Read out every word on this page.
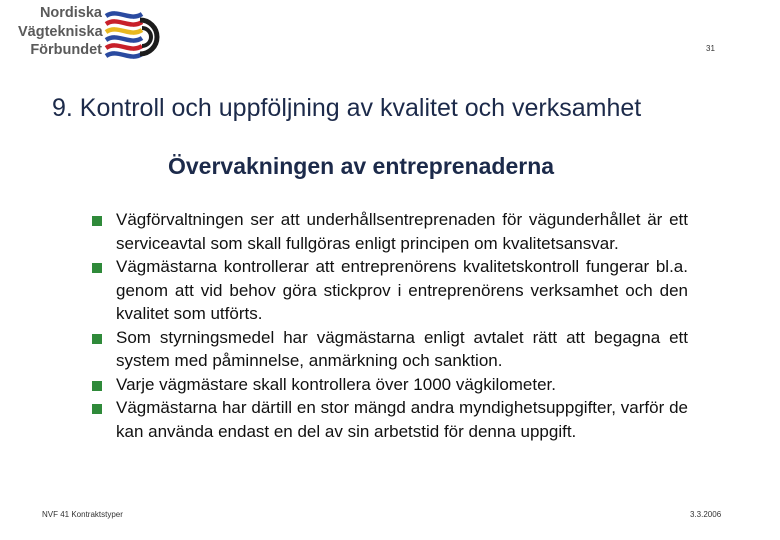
Nordiska
Vägtekniska
Förbundet	31
9. Kontroll och uppföljning av kvalitet och verksamhet
Övervakningen av entreprenaderna
Vägförvaltningen ser att underhållsentreprenaden för vägunderhållet är ett serviceavtal som skall fullgöras enligt principen om kvalitetsansvar.
Vägmästarna kontrollerar att entreprenörens kvalitetskontroll fungerar bl.a. genom att vid behov göra stickprov i entreprenörens verksamhet och den kvalitet som utförts.
Som styrningsmedel har vägmästarna enligt avtalet rätt att begagna ett system med påminnelse, anmärkning och sanktion.
Varje vägmästare skall kontrollera över 1000 vägkilometer.
Vägmästarna har därtill en stor mängd andra myndighetsuppgifter, varför de kan använda endast en del av sin arbetstid för denna uppgift.
NVF 41 Kontraktstyper	3.3.2006
